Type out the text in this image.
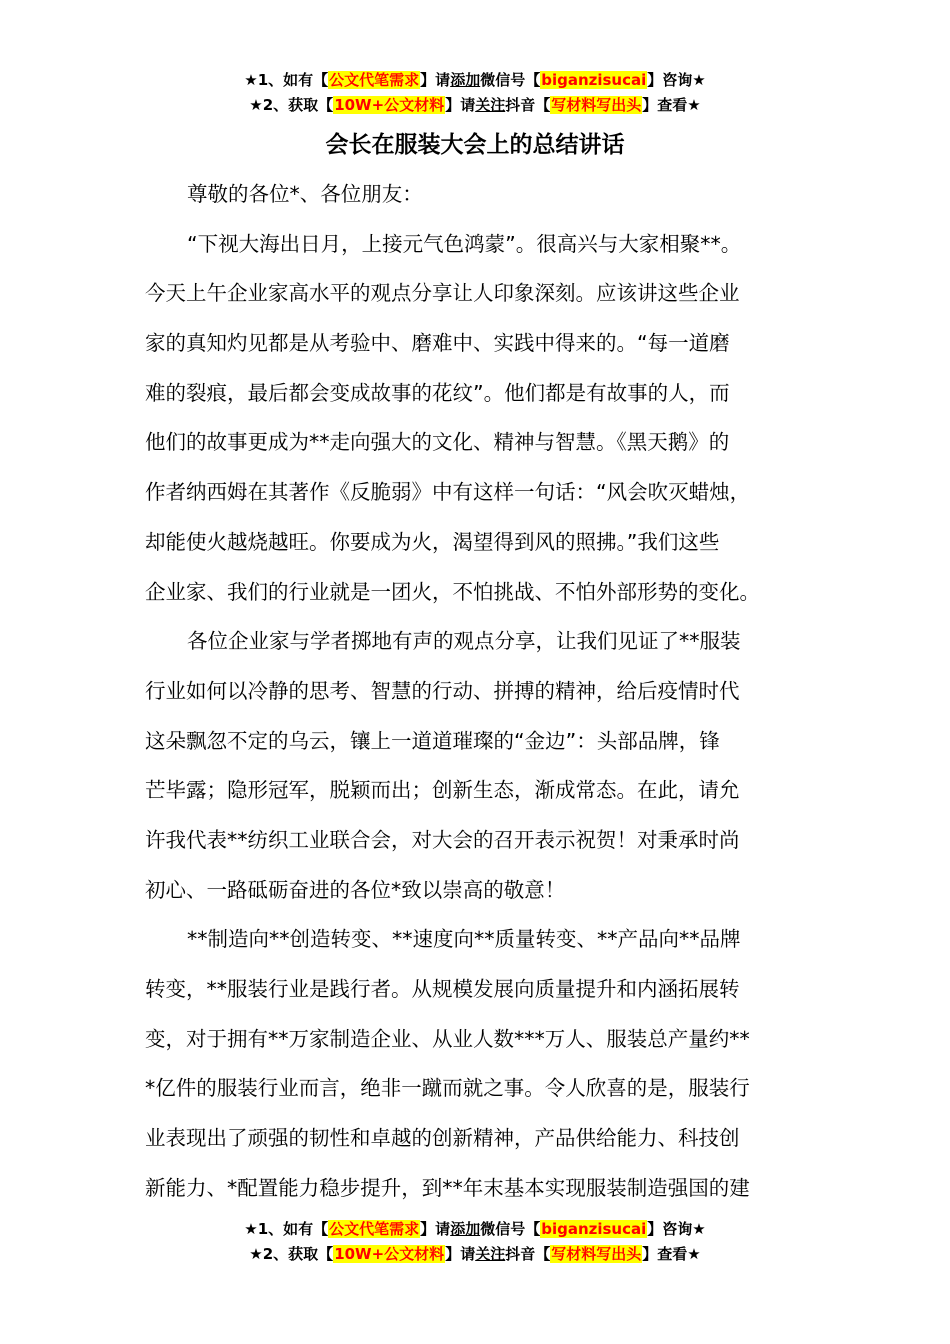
★1、如有【公文代笔需求】请添加微信号【biganzisucai】咨询★
★2、获取【10W+公文材料】请关注抖音【写材料写出头】查看★
会长在服装大会上的总结讲话
尊敬的各位*、各位朋友：
“下视大海出日月，上接元气色鸿蒙”。很高兴与大家相聚**。
今天上午企业家高水平的观点分享让人印象深刻。应该讲这些企业
家的真知灼见都是从考验中、磨难中、实践中得来的。“每一道磨
难的裂痕，最后都会变成故事的花纹”。他们都是有故事的人，而
他们的故事更成为**走向强大的文化、精神与智慧。《黑天鹅》的
作者纳西姆在其著作《反脆弱》中有这样一句话：“风会吹灭蜡烛，
却能使火越烧越旺。你要成为火，渴望得到风的照拂。”我们这些
企业家、我们的行业就是一团火，不怕挑战、不怕外部形势的变化。
各位企业家与学者掷地有声的观点分享，让我们见证了**服装
行业如何以冷静的思考、智慧的行动、拼搏的精神，给后疫情时代
这朵飘忽不定的乌云，镶上一道道璀璨的“金边”：头部品牌，锋
芒毕露；隐形冠军，脱颖而出；创新生态，渐成常态。在此，请允
许我代表**纺织工业联合会，对大会的召开表示祝贺！对秉承时尚
初心、一路砥砺奋进的各位*致以崇高的敬意！
**制造向**创造转变、**速度向**质量转变、**产品向**品牌
转变，**服装行业是践行者。从规模发展向质量提升和内涵拓展转
变，对于拥有**万家制造企业、从业人数***万人、服装总产量约**
*亿件的服装行业而言，绝非一蹴而就之事。令人欣喜的是，服装行
业表现出了顽强的韧性和卓越的创新精神，产品供给能力、科技创
新能力、*配置能力稳步提升，到**年末基本实现服装制造强国的建
★1、如有【公文代笔需求】请添加微信号【biganzisucai】咨询★
★2、获取【10W+公文材料】请关注抖音【写材料写出头】查看★
